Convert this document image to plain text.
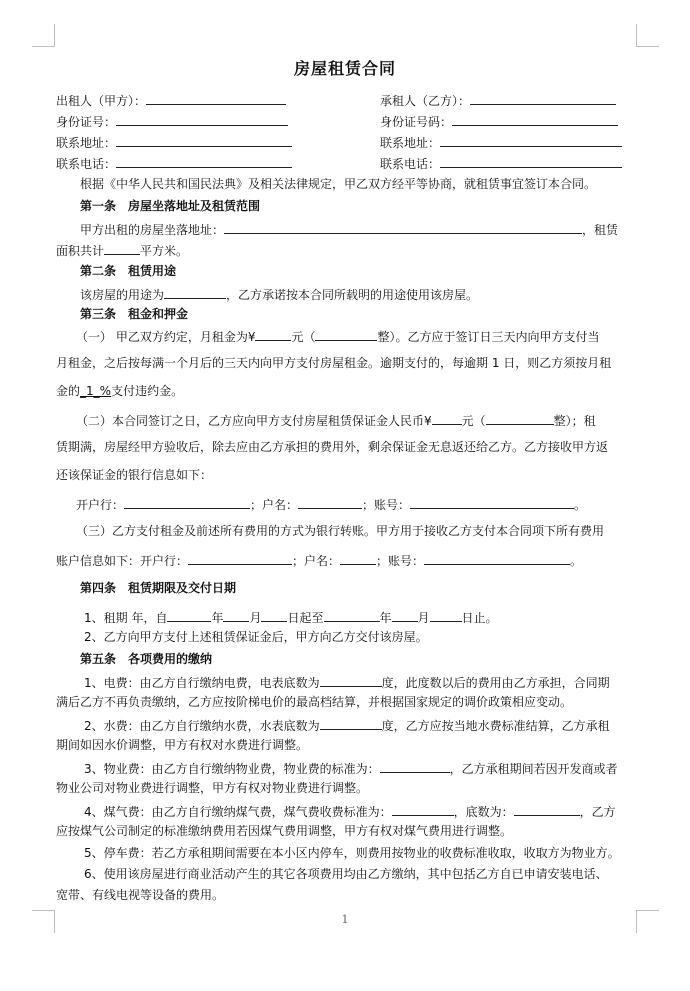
房屋租赁合同
出租人（甲方）：	承租人（乙方）：
身份证号：	身份证号码：
联系地址：	联系地址：
联系电话：	联系电话：
根据《中华人民共和国民法典》及相关法律规定，甲乙双方经平等协商，就租赁事宜签订本合同。
第一条　房屋坐落地址及租赁范围
甲方出租的房屋坐落地址：	，租赁
面积共计	平方米。
第二条　租赁用途
该房屋的用途为	，乙方承诺按本合同所载明的用途使用该房屋。
第三条　租金和押金
（一） 甲乙双方约定，月租金为¥	元（	整）。乙方应于签订日三天内向甲方支付当
月租金，之后按每满一个月后的三天内向甲方支付房屋租金。逾期支付的，每逾期 1 日，则乙方须按月租
金的_1_%支付违约金。
（二）本合同签订之日，乙方应向甲方支付房屋租赁保证金人民币¥	元（	整）；租
赁期满，房屋经甲方验收后，除去应由乙方承担的费用外，剩余保证金无息返还给乙方。乙方接收甲方返
还该保证金的银行信息如下：
开户行：	；户名：	；账号：	。
（三）乙方支付租金及前述所有费用的方式为银行转账。甲方用于接收乙方支付本合同项下所有费用
账户信息如下：开户行：	；户名：	；账号：	。
第四条　租赁期限及交付日期
1、租期 年，自	年 月 日起至	年 月	日止。
2、乙方向甲方支付上述租赁保证金后，甲方向乙方交付该房屋。
第五条　各项费用的缴纳
1、电费：由乙方自行缴纳电费，电表底数为	度，此度数以后的费用由乙方承担，合同期
满后乙方不再负责缴纳，乙方应按阶梯电价的最高档结算，并根据国家规定的调价政策相应变动。
2、水费：由乙方自行缴纳水费，水表底数为	度，乙方应按当地水费标准结算，乙方承租
期间如因水价调整，甲方有权对水费进行调整。
3、物业费：由乙方自行缴纳物业费，物业费的标准为：	，乙方承租期间若因开发商或者
物业公司对物业费进行调整，甲方有权对物业费进行调整。
4、煤气费：由乙方自行缴纳煤气费，煤气费收费标准为：	，底数为：	，乙方
应按煤气公司制定的标准缴纳费用若因煤气费用调整，甲方有权对煤气费用进行调整。
5、停车费：若乙方承租期间需要在本小区内停车，则费用按物业的收费标准收取，收取方为物业方。
6、使用该房屋进行商业活动产生的其它各项费用均由乙方缴纳，其中包括乙方自已申请安装电话、
宽带、有线电视等设备的费用。
1
